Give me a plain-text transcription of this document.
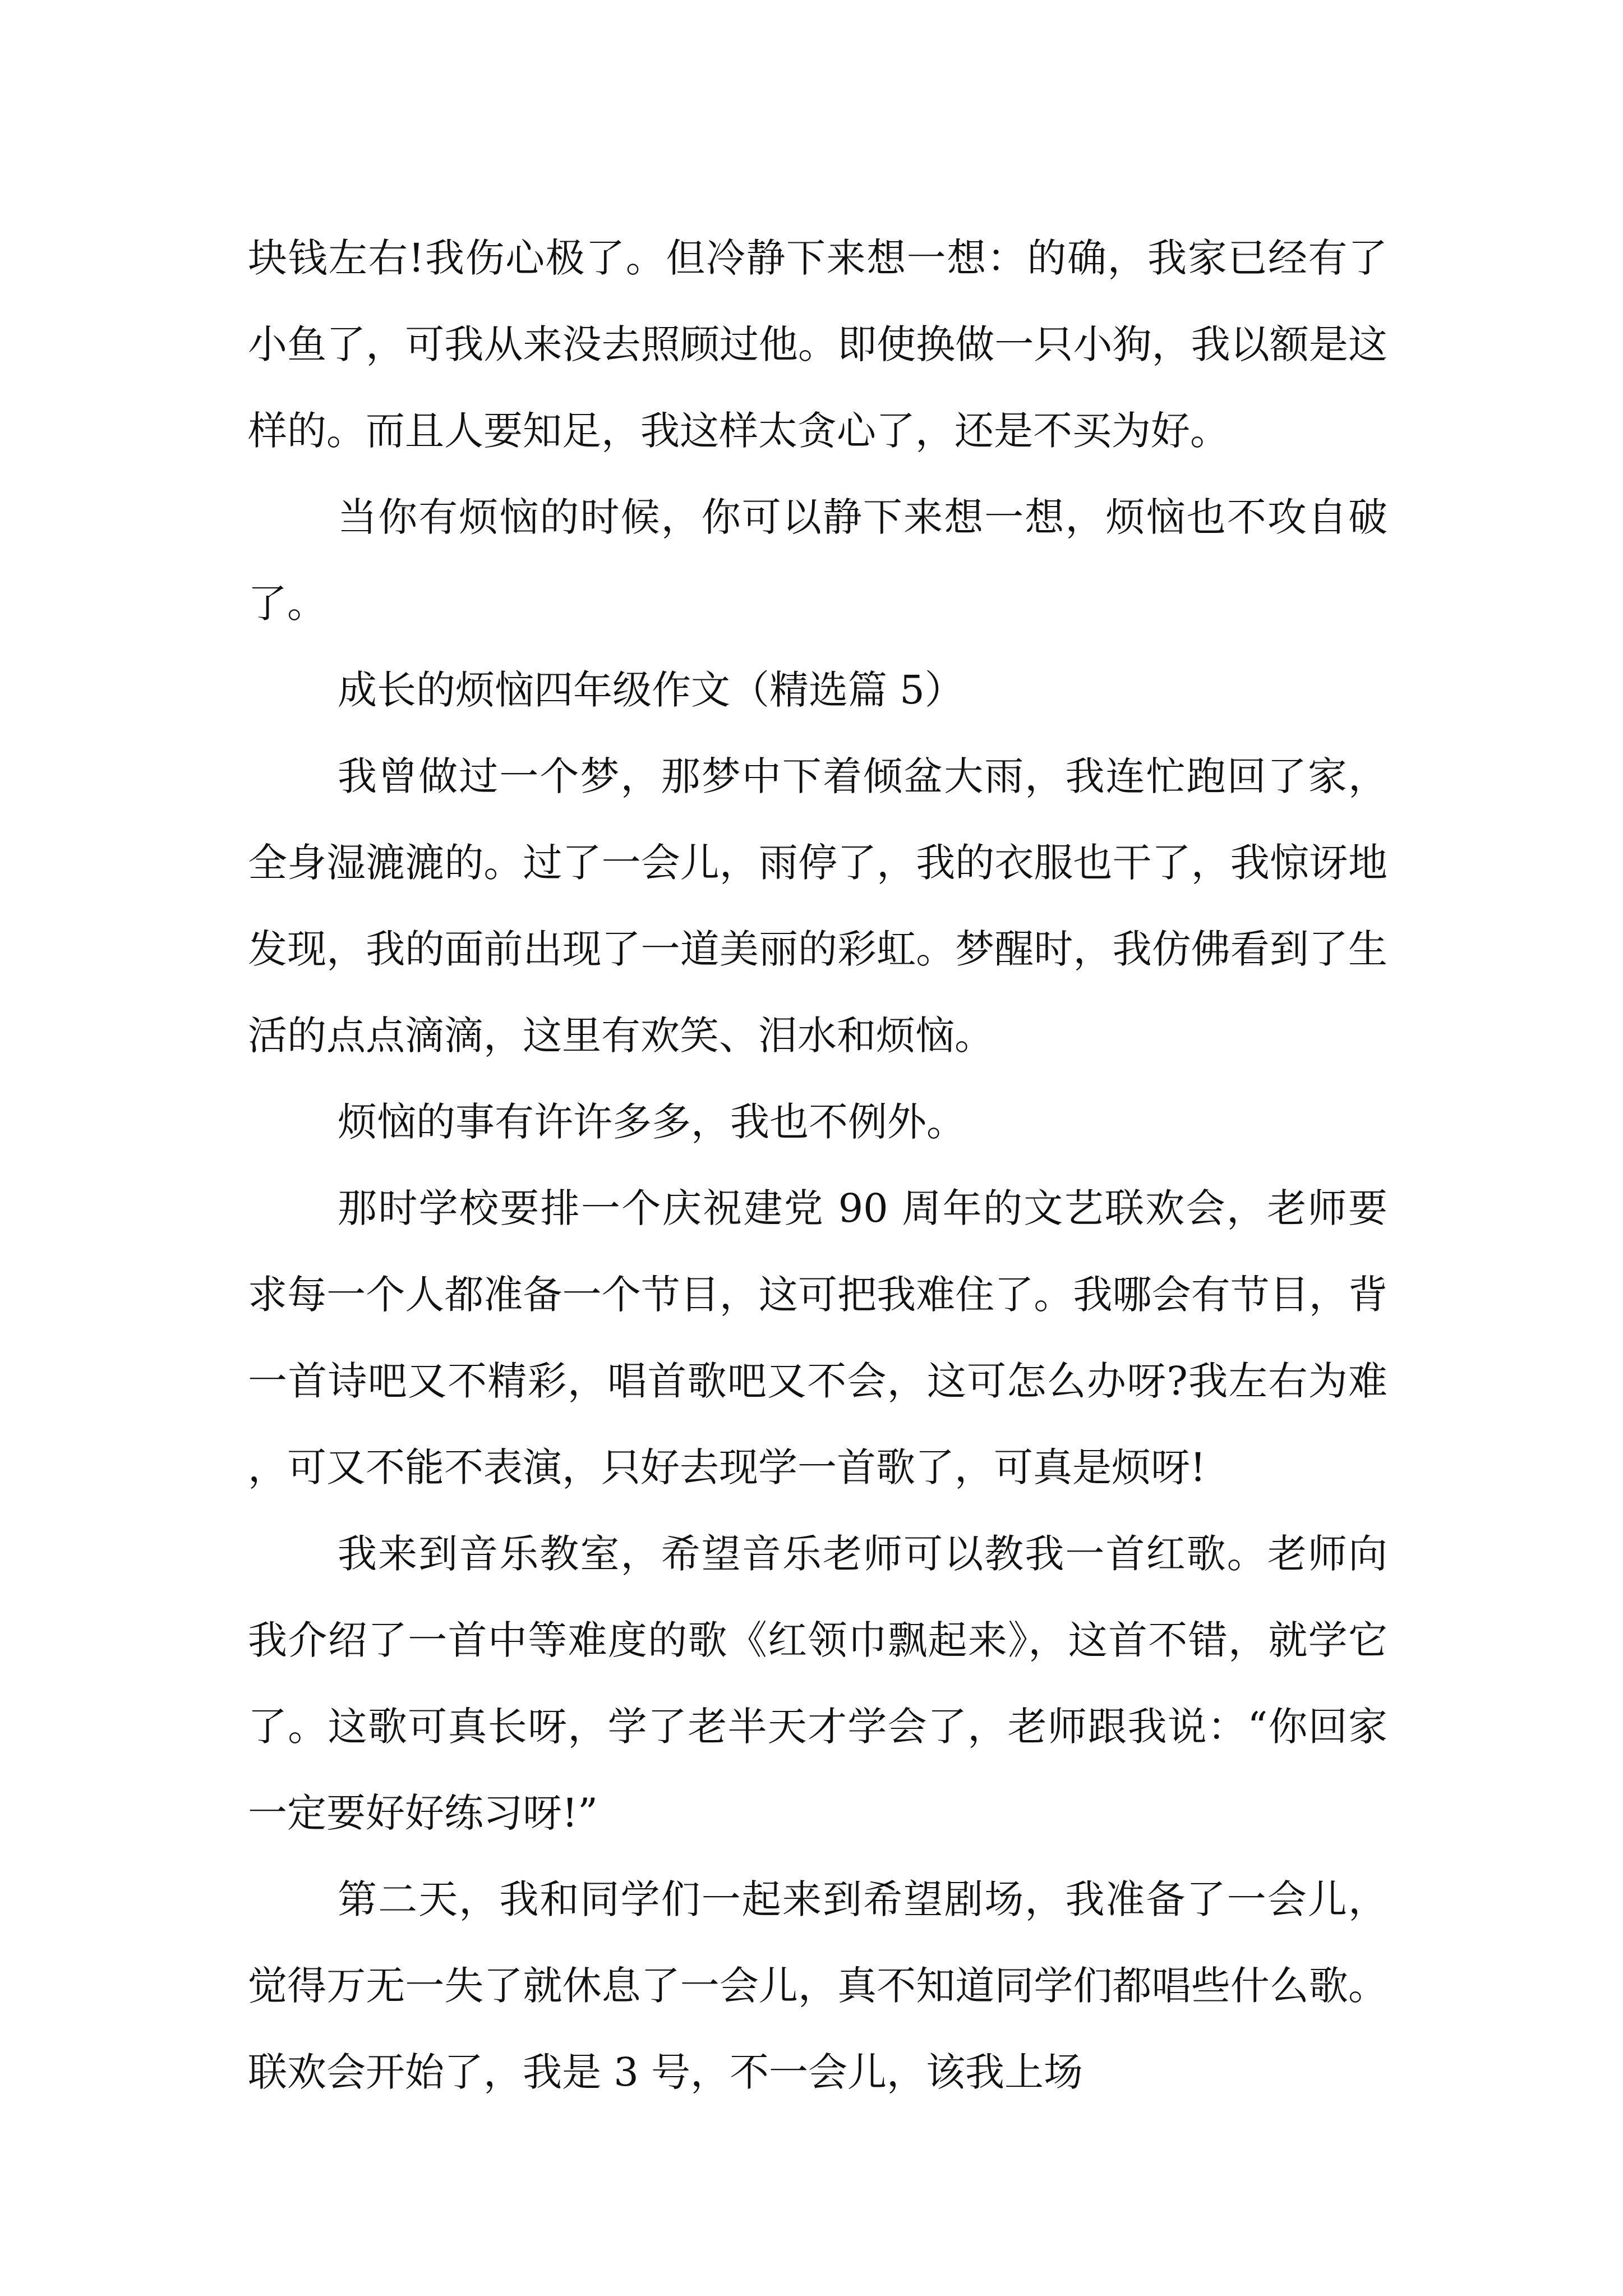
块钱左右!我伤心极了。但冷静下来想一想：的确，我家已经有了小鱼了，可我从来没去照顾过他。即使换做一只小狗，我以额是这样的。而且人要知足，我这样太贪心了，还是不买为好。

当你有烦恼的时候，你可以静下来想一想，烦恼也不攻自破了。

成长的烦恼四年级作文（精选篇 5）

我曾做过一个梦，那梦中下着倾盆大雨，我连忙跑回了家，全身湿漉漉的。过了一会儿，雨停了，我的衣服也干了，我惊讶地发现，我的面前出现了一道美丽的彩虹。梦醒时，我仿佛看到了生活的点点滴滴，这里有欢笑、泪水和烦恼。

烦恼的事有许许多多，我也不例外。

那时学校要排一个庆祝建党 90 周年的文艺联欢会，老师要求每一个人都准备一个节目，这可把我难住了。我哪会有节目，背一首诗吧又不精彩，唱首歌吧又不会，这可怎么办呀?我左右为难，可又不能不表演，只好去现学一首歌了，可真是烦呀!

我来到音乐教室，希望音乐老师可以教我一首红歌。老师向我介绍了一首中等难度的歌《红领巾飘起来》，这首不错，就学它了。这歌可真长呀，学了老半天才学会了，老师跟我说：“你回家一定要好好练习呀!”

第二天，我和同学们一起来到希望剧场，我准备了一会儿，觉得万无一失了就休息了一会儿，真不知道同学们都唱些什么歌。联欢会开始了，我是 3 号，不一会儿，该我上场
